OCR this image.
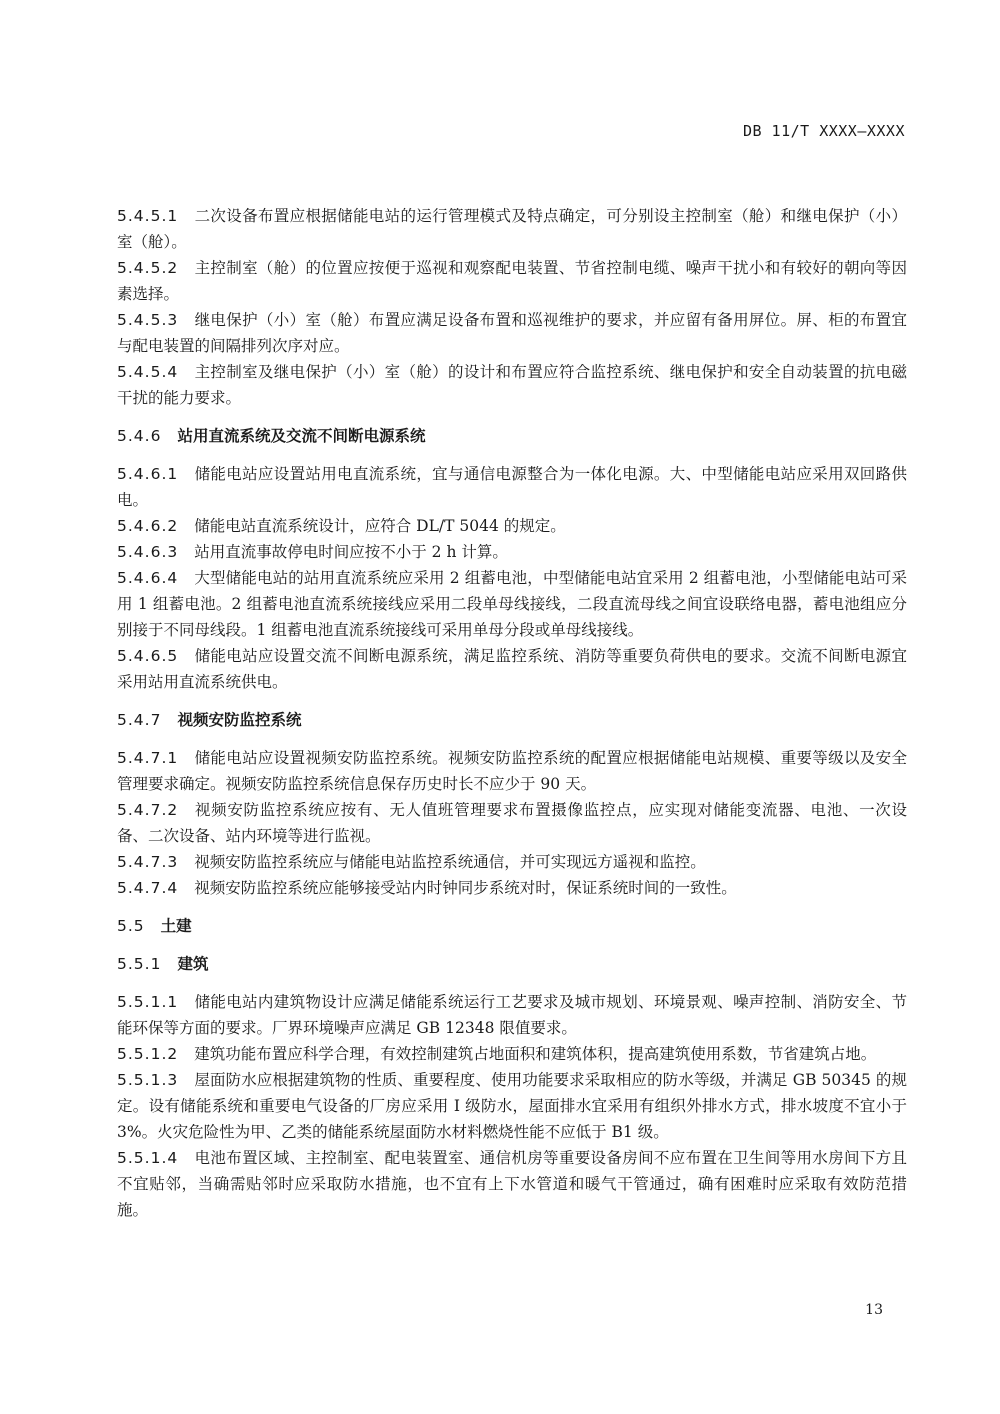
DB 11/T XXXX—XXXX

5.4.5.1 二次设备布置应根据储能电站的运行管理模式及特点确定，可分别设主控制室（舱）和继电保护（小）室（舱）。

5.4.5.2 主控制室（舱）的位置应按便于巡视和观察配电装置、节省控制电缆、噪声干扰小和有较好的朝向等因素选择。

5.4.5.3 继电保护（小）室（舱）布置应满足设备布置和巡视维护的要求，并应留有备用屏位。屏、柜的布置宜与配电装置的间隔排列次序对应。

5.4.5.4 主控制室及继电保护（小）室（舱）的设计和布置应符合监控系统、继电保护和安全自动装置的抗电磁干扰的能力要求。

5.4.6 站用直流系统及交流不间断电源系统

5.4.6.1 储能电站应设置站用电直流系统，宜与通信电源整合为一体化电源。大、中型储能电站应采用双回路供电。

5.4.6.2 储能电站直流系统设计，应符合 DL/T 5044 的规定。

5.4.6.3 站用直流事故停电时间应按不小于 2 h 计算。

5.4.6.4 大型储能电站的站用直流系统应采用 2 组蓄电池，中型储能电站宜采用 2 组蓄电池，小型储能电站可采用 1 组蓄电池。2 组蓄电池直流系统接线应采用二段单母线接线，二段直流母线之间宜设联络电器，蓄电池组应分别接于不同母线段。1 组蓄电池直流系统接线可采用单母分段或单母线接线。

5.4.6.5 储能电站应设置交流不间断电源系统，满足监控系统、消防等重要负荷供电的要求。交流不间断电源宜采用站用直流系统供电。

5.4.7 视频安防监控系统

5.4.7.1 储能电站应设置视频安防监控系统。视频安防监控系统的配置应根据储能电站规模、重要等级以及安全管理要求确定。视频安防监控系统信息保存历史时长不应少于 90 天。

5.4.7.2 视频安防监控系统应按有、无人值班管理要求布置摄像监控点，应实现对储能变流器、电池、一次设备、二次设备、站内环境等进行监视。

5.4.7.3 视频安防监控系统应与储能电站监控系统通信，并可实现远方遥视和监控。

5.4.7.4 视频安防监控系统应能够接受站内时钟同步系统对时，保证系统时间的一致性。

5.5 土建

5.5.1 建筑

5.5.1.1 储能电站内建筑物设计应满足储能系统运行工艺要求及城市规划、环境景观、噪声控制、消防安全、节能环保等方面的要求。厂界环境噪声应满足 GB 12348 限值要求。

5.5.1.2 建筑功能布置应科学合理，有效控制建筑占地面积和建筑体积，提高建筑使用系数，节省建筑占地。

5.5.1.3 屋面防水应根据建筑物的性质、重要程度、使用功能要求采取相应的防水等级，并满足 GB 50345 的规定。设有储能系统和重要电气设备的厂房应采用 I 级防水，屋面排水宜采用有组织外排水方式，排水坡度不宜小于 3%。火灾危险性为甲、乙类的储能系统屋面防水材料燃烧性能不应低于 B1 级。

5.5.1.4 电池布置区域、主控制室、配电装置室、通信机房等重要设备房间不应布置在卫生间等用水房间下方且不宜贴邻，当确需贴邻时应采取防水措施，也不宜有上下水管道和暖气干管通过，确有困难时应采取有效防范措施。

13
